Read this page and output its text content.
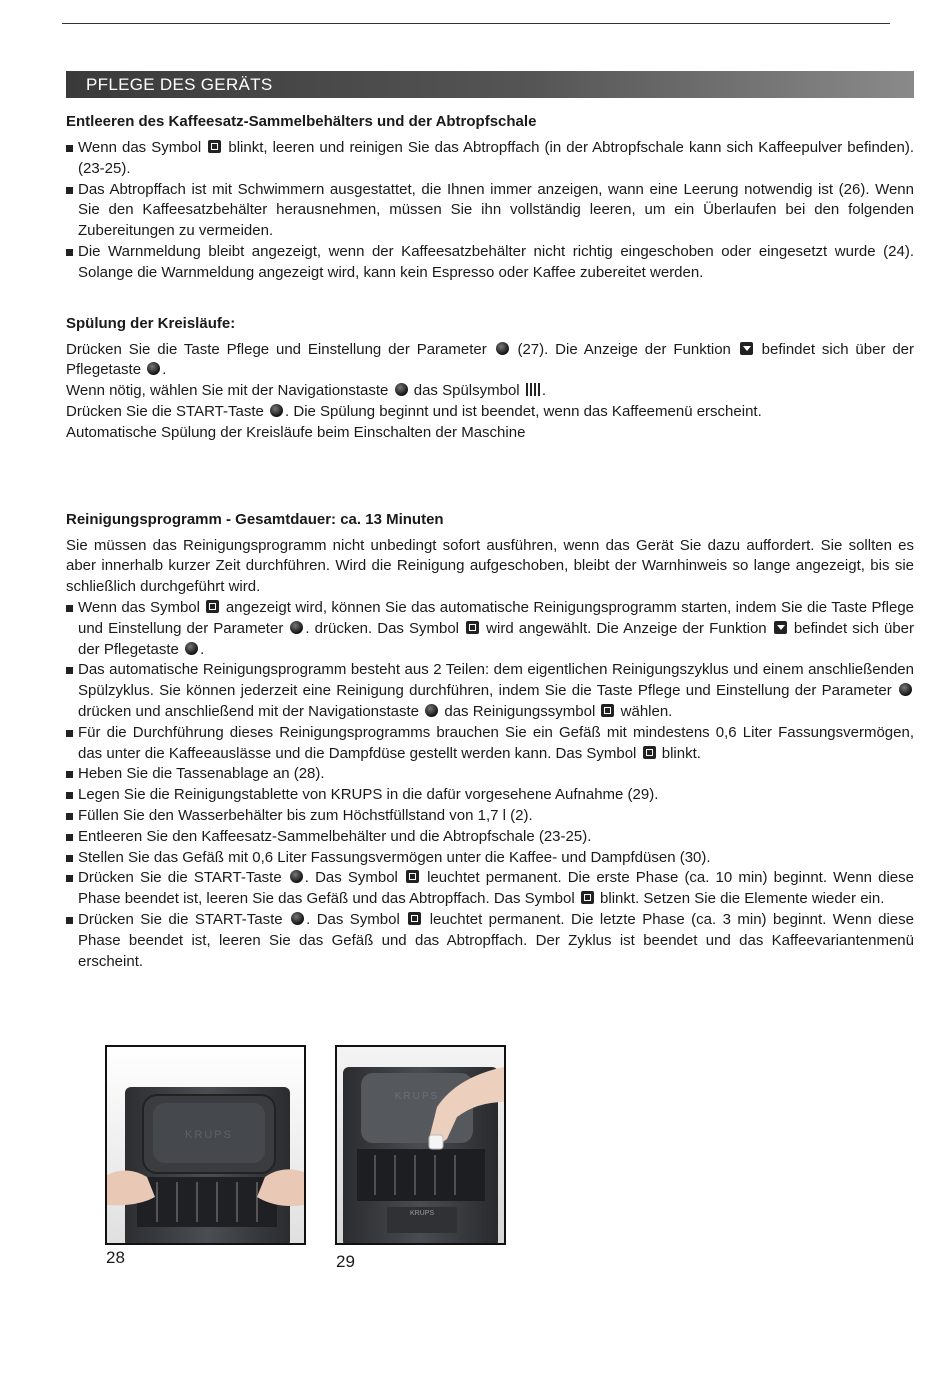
PFLEGE DES GERÄTS
Entleeren des Kaffeesatz-Sammelbehälters und der Abtropfschale
Wenn das Symbol blinkt, leeren und reinigen Sie das Abtropffach (in der Abtropfschale kann sich Kaffeepulver befinden). (23-25).
Das Abtropffach ist mit Schwimmern ausgestattet, die Ihnen immer anzeigen, wann eine Leerung notwendig ist (26). Wenn Sie den Kaffeesatzbehälter herausnehmen, müssen Sie ihn vollständig leeren, um ein Überlaufen bei den folgenden Zubereitungen zu vermeiden.
Die Warnmeldung bleibt angezeigt, wenn der Kaffeesatzbehälter nicht richtig eingeschoben oder eingesetzt wurde (24). Solange die Warnmeldung angezeigt wird, kann kein Espresso oder Kaffee zubereitet werden.
Spülung der Kreisläufe:

Drücken Sie die Taste Pflege und Einstellung der Parameter (27). Die Anzeige der Funktion befindet sich über der Pflegetaste .
Wenn nötig, wählen Sie mit der Navigationstaste das Spülsymbol .
Drücken Sie die START-Taste . Die Spülung beginnt und ist beendet, wenn das Kaffeemenü erscheint.
Automatische Spülung der Kreisläufe beim Einschalten der Maschine

Reinigungsprogramm - Gesamtdauer: ca. 13 Minuten

Sie müssen das Reinigungsprogramm nicht unbedingt sofort ausführen, wenn das Gerät Sie dazu auffordert. Sie sollten es aber innerhalb kurzer Zeit durchführen. Wird die Reinigung aufgeschoben, bleibt der Warnhinweis so lange angezeigt, bis sie schließlich durchgeführt wird.

Wenn das Symbol angezeigt wird, können Sie das automatische Reinigungsprogramm starten, indem Sie die Taste Pflege und Einstellung der Parameter . drücken. Das Symbol wird angewählt. Die Anzeige der Funktion befindet sich über der Pflegetaste .
Das automatische Reinigungsprogramm besteht aus 2 Teilen: dem eigentlichen Reinigungszyklus und einem anschließenden Spülzyklus. Sie können jederzeit eine Reinigung durchführen, indem Sie die Taste Pflege und Einstellung der Parameter  drücken und anschließend mit der Navigationstaste das Reinigungssymbol wählen.
Für die Durchführung dieses Reinigungsprogramms brauchen Sie ein Gefäß mit mindestens 0,6 Liter Fassungsvermögen, das unter die Kaffeeauslässe und die Dampfdüse gestellt werden kann. Das Symbol blinkt.
Heben Sie die Tassenablage an (28).
Legen Sie die Reinigungstablette von KRUPS in die dafür vorgesehene Aufnahme (29).
Füllen Sie den Wasserbehälter bis zum Höchstfüllstand von 1,7 l (2).
Entleeren Sie den Kaffeesatz-Sammelbehälter und die Abtropfschale (23-25).
Stellen Sie das Gefäß mit 0,6 Liter Fassungsvermögen unter die Kaffee- und Dampfdüsen (30).
Drücken Sie die START-Taste . Das Symbol leuchtet permanent. Die erste Phase (ca. 10 min) beginnt. Wenn diese Phase beendet ist, leeren Sie das Gefäß und das Abtropffach. Das Symbol blinkt. Setzen Sie die Elemente wieder ein.
Drücken Sie die START-Taste . Das Symbol leuchtet permanent. Die letzte Phase (ca. 3 min) beginnt. Wenn diese Phase beendet ist, leeren Sie das Gefäß und das Abtropffach. Der Zyklus ist beendet und das Kaffeevariantenmenü erscheint.
KRUPS
28
KRUPS
KRUPS
29
